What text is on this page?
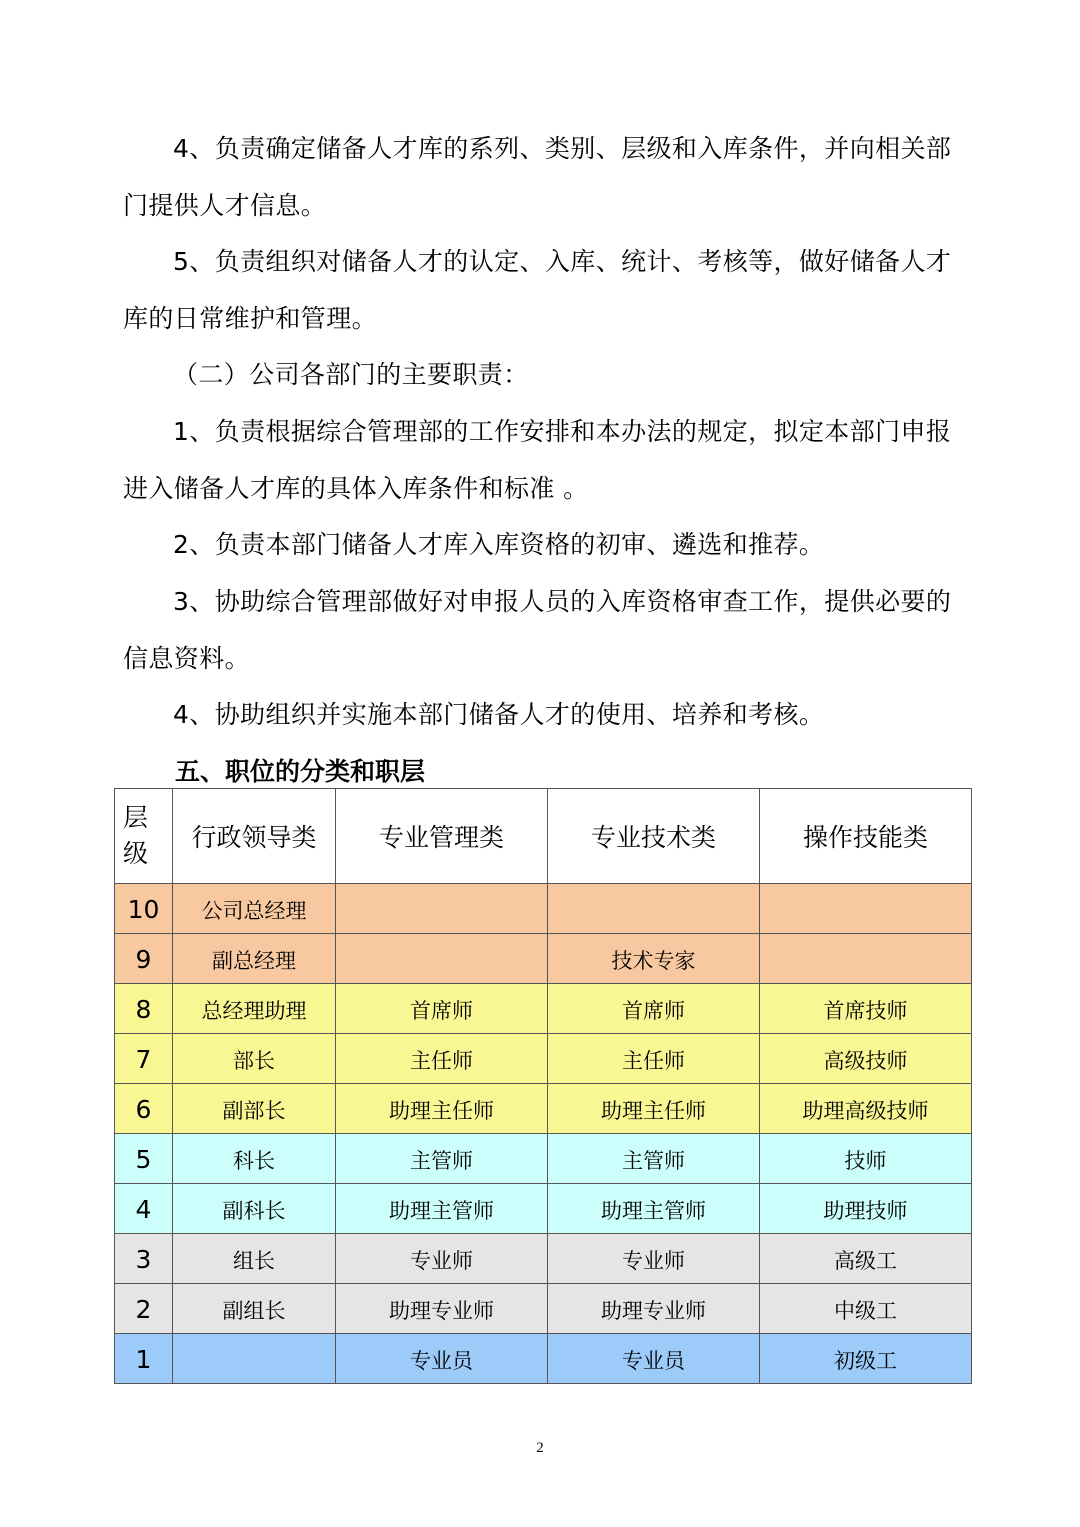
4、负责确定储备人才库的系列、类别、层级和入库条件，并向相关部门提供人才信息。

5、负责组织对储备人才的认定、入库、统计、考核等，做好储备人才库的日常维护和管理。

（二）公司各部门的主要职责：

1、负责根据综合管理部的工作安排和本办法的规定，拟定本部门申报进入储备人才库的具体入库条件和标准 。

2、负责本部门储备人才库入库资格的初审、遴选和推荐。

3、协助综合管理部做好对申报人员的入库资格审查工作，提供必要的信息资料。

4、协助组织并实施本部门储备人才的使用、培养和考核。

五、职位的分类和职层
层级	行政领导类	专业管理类	专业技术类	操作技能类
10	公司总经理			
9	副总经理		技术专家	
8	总经理助理	首席师	首席师	首席技师
7	部长	主任师	主任师	高级技师
6	副部长	助理主任师	助理主任师	助理高级技师
5	科长	主管师	主管师	技师
4	副科长	助理主管师	助理主管师	助理技师
3	组长	专业师	专业师	高级工
2	副组长	助理专业师	助理专业师	中级工
1		专业员	专业员	初级工
2
